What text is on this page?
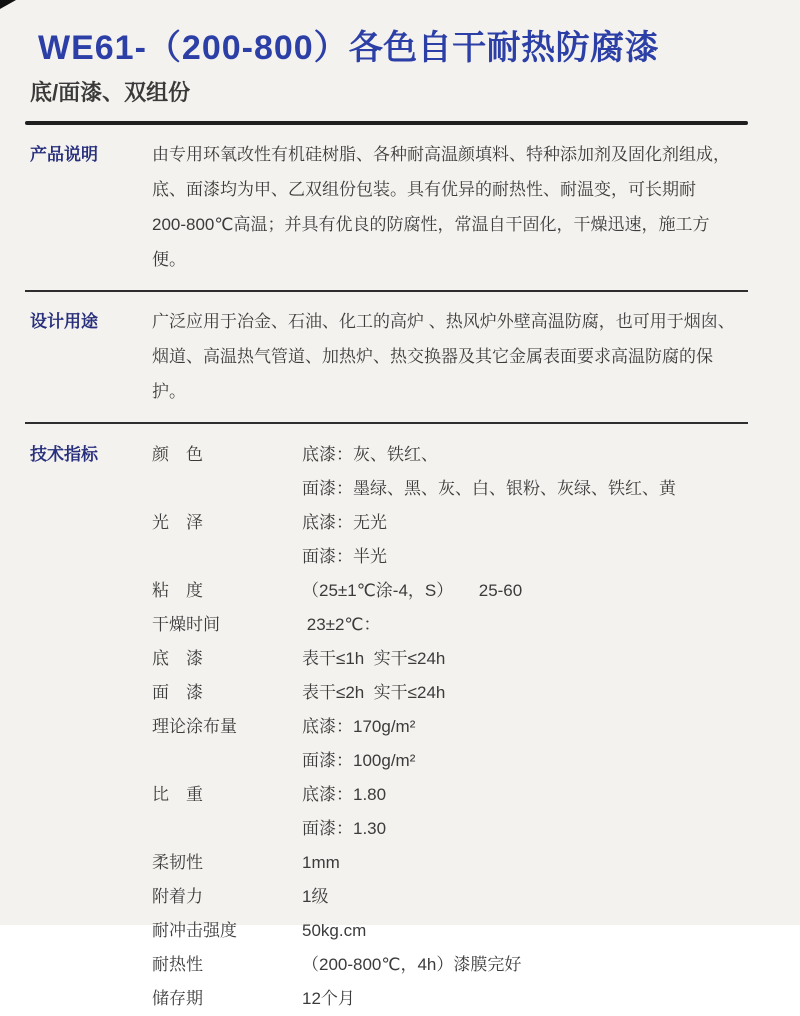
WE61-（200-800）各色自干耐热防腐漆
底/面漆、双组份
产品说明	由专用环氧改性有机硅树脂、各种耐高温颜填料、特种添加剂及固化剂组成，
底、面漆均为甲、乙双组份包装。具有优异的耐热性、耐温变，可长期耐
200-800℃高温；并具有优良的防腐性，常温自干固化，干燥迅速，施工方便。
设计用途	广泛应用于冶金、石油、化工的高炉 、热风炉外壁高温防腐，也可用于烟囱、
烟道、高温热气管道、加热炉、热交换器及其它金属表面要求高温防腐的保护。
技术指标	颜　色	底漆：灰、铁红、
面漆：墨绿、黑、灰、白、银粉、灰绿、铁红、黄
光　泽	底漆：无光
面漆：半光
粘　度	（25±1℃涂-4，S）　　25-60
干燥时间	23±2℃：
底　漆	表干≤1h  实干≤24h
面　漆	表干≤2h  实干≤24h
理论涂布量	底漆：170g/m²
面漆：100g/m²
比　重	底漆：1.80
面漆：1.30
柔韧性	1mm
附着力	1级
耐冲击强度	50kg.cm
耐热性	（200-800℃，4h）漆膜完好
储存期	12个月
